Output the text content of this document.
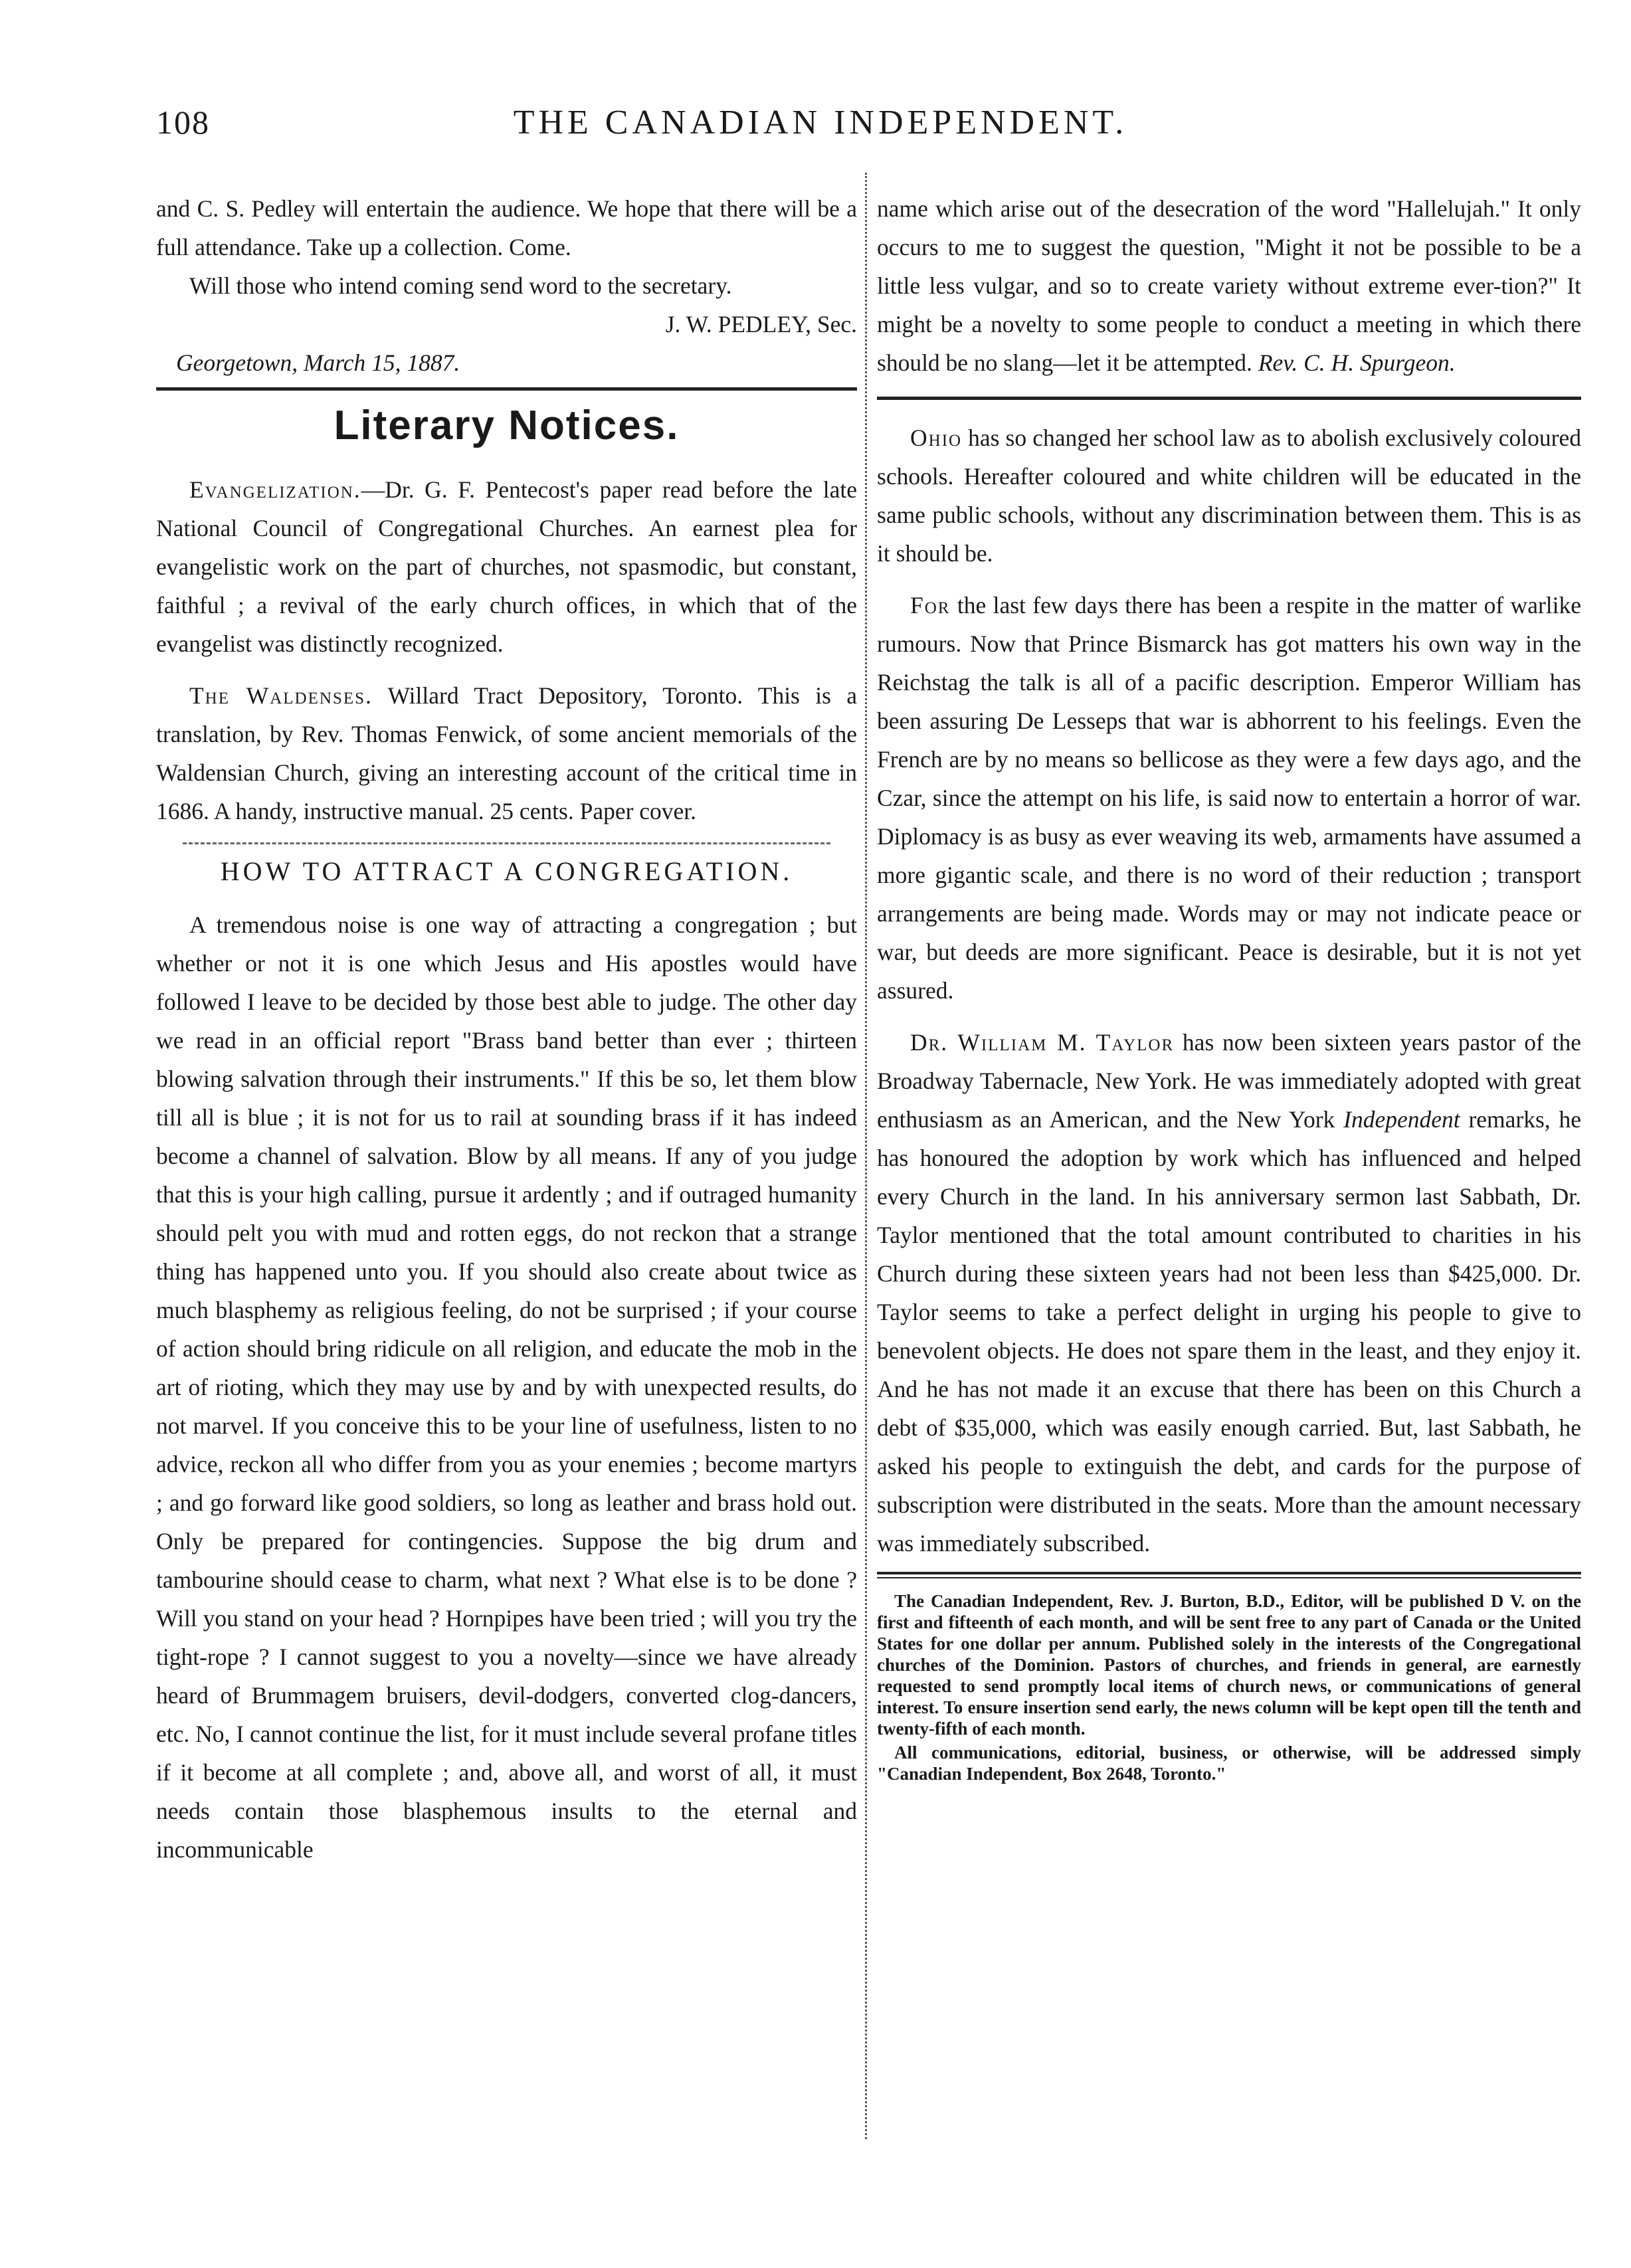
108	THE CANADIAN INDEPENDENT.

and C. S. Pedley will entertain the audience. We hope that there will be a full attendance. Take up a collection. Come.

Will those who intend coming send word to the secretary.

J. W. PEDLEY, Sec.

Georgetown, March 15, 1887.

Literary Notices.

Evangelization.—Dr. G. F. Pentecost's paper read before the late National Council of Congregational Churches. An earnest plea for evangelistic work on the part of churches, not spasmodic, but constant, faithful ; a revival of the early church offices, in which that of the evangelist was distinctly recognized.

The Waldenses. Willard Tract Depository, Toronto. This is a translation, by Rev. Thomas Fenwick, of some ancient memorials of the Waldensian Church, giving an interesting account of the critical time in 1686. A handy, instructive manual. 25 cents. Paper cover.

HOW TO ATTRACT A CONGREGATION.

A tremendous noise is one way of attracting a congregation ; but whether or not it is one which Jesus and His apostles would have followed I leave to be decided by those best able to judge. The other day we read in an official report "Brass band better than ever ; thirteen blowing salvation through their instruments." If this be so, let them blow till all is blue ; it is not for us to rail at sounding brass if it has indeed become a channel of salvation. Blow by all means. If any of you judge that this is your high calling, pursue it ardently ; and if outraged humanity should pelt you with mud and rotten eggs, do not reckon that a strange thing has happened unto you. If you should also create about twice as much blasphemy as religious feeling, do not be surprised ; if your course of action should bring ridicule on all religion, and educate the mob in the art of rioting, which they may use by and by with unexpected results, do not marvel. If you conceive this to be your line of usefulness, listen to no advice, reckon all who differ from you as your enemies ; become martyrs ; and go forward like good soldiers, so long as leather and brass hold out. Only be prepared for contingencies. Suppose the big drum and tambourine should cease to charm, what next ? What else is to be done ? Will you stand on your head ? Hornpipes have been tried ; will you try the tight-rope ? I cannot suggest to you a novelty—since we have already heard of Brummagem bruisers, devil-dodgers, converted clog-dancers, etc. No, I cannot continue the list, for it must include several profane titles if it become at all complete ; and, above all, and worst of all, it must needs contain those blasphemous insults to the eternal and incommunicable

name which arise out of the desecration of the word "Hallelujah." It only occurs to me to suggest the question, "Might it not be possible to be a little less vulgar, and so to create variety without extreme ever-tion?" It might be a novelty to some people to conduct a meeting in which there should be no slang—let it be attempted. Rev. C. H. Spurgeon.

Ohio has so changed her school law as to abolish exclusively coloured schools. Hereafter coloured and white children will be educated in the same public schools, without any discrimination between them. This is as it should be.

For the last few days there has been a respite in the matter of warlike rumours. Now that Prince Bismarck has got matters his own way in the Reichstag the talk is all of a pacific description. Emperor William has been assuring De Lesseps that war is abhorrent to his feelings. Even the French are by no means so bellicose as they were a few days ago, and the Czar, since the attempt on his life, is said now to entertain a horror of war. Diplomacy is as busy as ever weaving its web, armaments have assumed a more gigantic scale, and there is no word of their reduction ; transport arrangements are being made. Words may or may not indicate peace or war, but deeds are more significant. Peace is desirable, but it is not yet assured.

Dr. William M. Taylor has now been sixteen years pastor of the Broadway Tabernacle, New York. He was immediately adopted with great enthusiasm as an American, and the New York Independent remarks, he has honoured the adoption by work which has influenced and helped every Church in the land. In his anniversary sermon last Sabbath, Dr. Taylor mentioned that the total amount contributed to charities in his Church during these sixteen years had not been less than $425,000. Dr. Taylor seems to take a perfect delight in urging his people to give to benevolent objects. He does not spare them in the least, and they enjoy it. And he has not made it an excuse that there has been on this Church a debt of $35,000, which was easily enough carried. But, last Sabbath, he asked his people to extinguish the debt, and cards for the purpose of subscription were distributed in the seats. More than the amount necessary was immediately subscribed.

The Canadian Independent, Rev. J. Burton, B.D., Editor, will be published D V. on the first and fifteenth of each month, and will be sent free to any part of Canada or the United States for one dollar per annum. Published solely in the interests of the Congregational churches of the Dominion. Pastors of churches, and friends in general, are earnestly requested to send promptly local items of church news, or communications of general interest. To ensure insertion send early, the news column will be kept open till the tenth and twenty-fifth of each month.

All communications, editorial, business, or otherwise, will be addressed simply "Canadian Independent, Box 2648, Toronto."
